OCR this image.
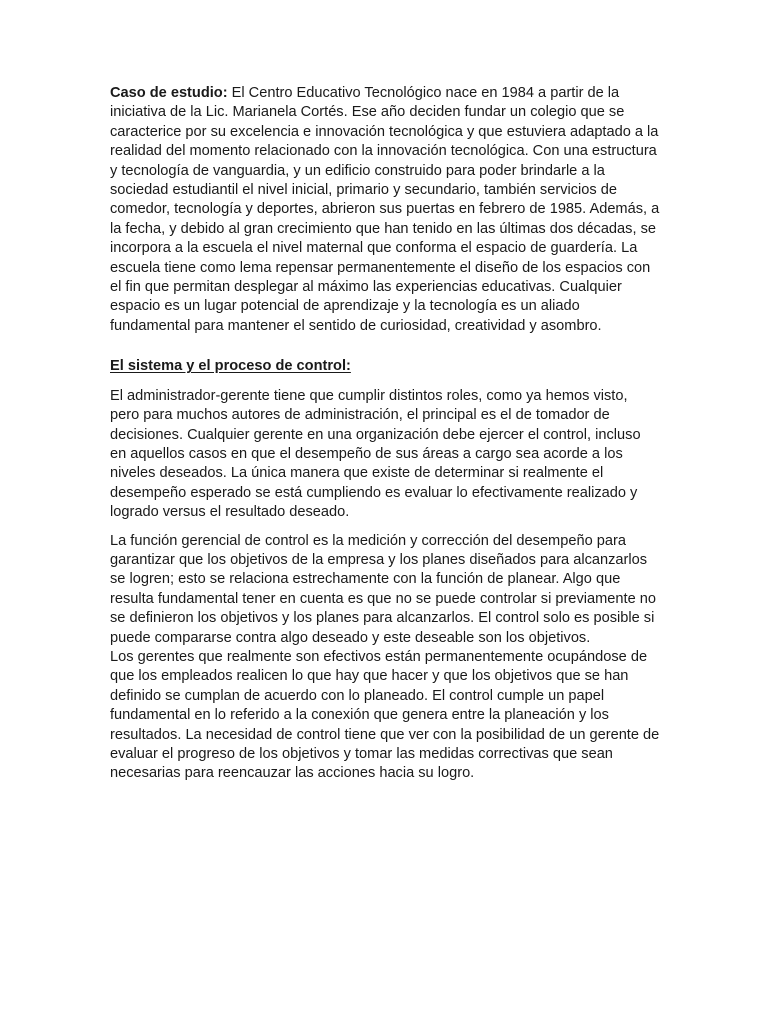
Caso de estudio: El Centro Educativo Tecnológico nace en 1984 a partir de la iniciativa de la Lic. Marianela Cortés. Ese año deciden fundar un colegio que se caracterice por su excelencia e innovación tecnológica y que estuviera adaptado a la realidad del momento relacionado con la innovación tecnológica. Con una estructura y tecnología de vanguardia, y un edificio construido para poder brindarle a la sociedad estudiantil el nivel inicial, primario y secundario, también servicios de comedor, tecnología y deportes, abrieron sus puertas en febrero de 1985. Además, a la fecha, y debido al gran crecimiento que han tenido en las últimas dos décadas, se incorpora a la escuela el nivel maternal que conforma el espacio de guardería. La escuela tiene como lema repensar permanentemente el diseño de los espacios con el fin que permitan desplegar al máximo las experiencias educativas. Cualquier espacio es un lugar potencial de aprendizaje y la tecnología es un aliado fundamental para mantener el sentido de curiosidad, creatividad y asombro.

El sistema y el proceso de control:

El administrador-gerente tiene que cumplir distintos roles, como ya hemos visto, pero para muchos autores de administración, el principal es el de tomador de decisiones. Cualquier gerente en una organización debe ejercer el control, incluso en aquellos casos en que el desempeño de sus áreas a cargo sea acorde a los niveles deseados. La única manera que existe de determinar si realmente el desempeño esperado se está cumpliendo es evaluar lo efectivamente realizado y logrado versus el resultado deseado.

La función gerencial de control es la medición y corrección del desempeño para garantizar que los objetivos de la empresa y los planes diseñados para alcanzarlos se logren; esto se relaciona estrechamente con la función de planear. Algo que resulta fundamental tener en cuenta es que no se puede controlar si previamente no se definieron los objetivos y los planes para alcanzarlos. El control solo es posible si puede compararse contra algo deseado y este deseable son los objetivos.

Los gerentes que realmente son efectivos están permanentemente ocupándose de que los empleados realicen lo que hay que hacer y que los objetivos que se han definido se cumplan de acuerdo con lo planeado. El control cumple un papel fundamental en lo referido a la conexión que genera entre la planeación y los resultados. La necesidad de control tiene que ver con la posibilidad de un gerente de evaluar el progreso de los objetivos y tomar las medidas correctivas que sean necesarias para reencauzar las acciones hacia su logro.
